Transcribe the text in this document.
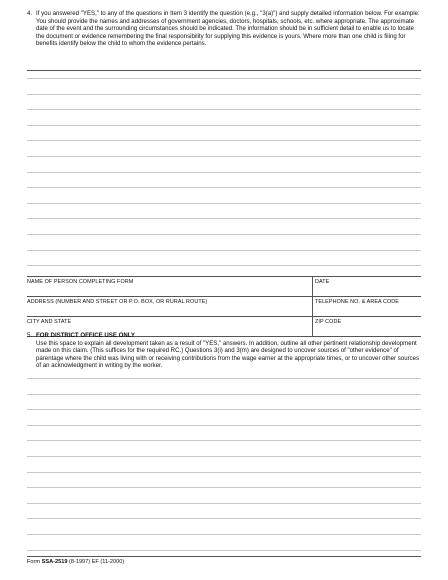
4. If you answered "YES," to any of the questions in Item 3 identify the question (e.g., "3(a)") and supply detailed information below. For example: You should provide the names and addresses of government agencies, doctors, hospitals, schools, etc. where appropriate. The approximate date of the event and the surrounding circumstances should be indicated. The information should be in sufficient detail to enable us to locate the document or evidence remembering the final responsibility for supplying this evidence is yours. Where more than one child is filing for benefits identify below the child to whom the evidence pertains.
NAME OF PERSON COMPLETING FORM	DATE
ADDRESS (NUMBER AND STREET OR P.O. BOX, OR RURAL ROUTE)	TELEPHONE NO. & AREA CODE
CITY AND STATE	ZIP CODE
5. FOR DISTRICT OFFICE USE ONLY
Use this space to explain all development taken as a result of "YES," answers. In addition, outline all other pertinent relationship development made on this claim. (This suffices for the required RC.) Questions 3(i) and 3(m) are designed to uncover sources of "other evidence" of parentage where the child was living with or receiving contributions from the wage earner at the appropriate times, or to uncover other sources of an acknowledgment in writing by the worker.
Form SSA-2519 (8-1997) EF (11-2000)
